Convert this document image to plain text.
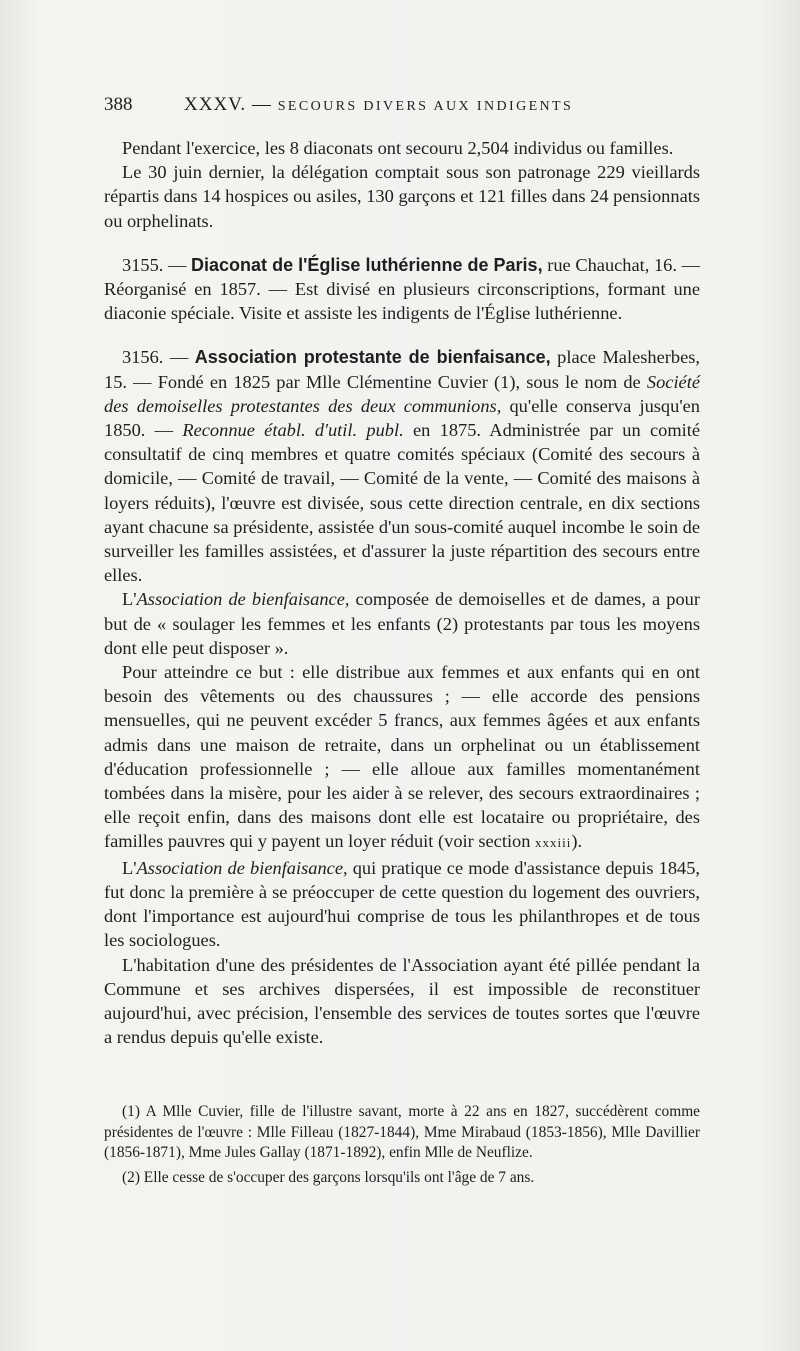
388	XXXV. — SECOURS DIVERS AUX INDIGENTS

Pendant l'exercice, les 8 diaconats ont secouru 2,504 individus ou familles.

Le 30 juin dernier, la délégation comptait sous son patronage 229 vieillards répartis dans 14 hospices ou asiles, 130 garçons et 121 filles dans 24 pensionnats ou orphelinats.

3155. — Diaconat de l'Église luthérienne de Paris, rue Chauchat, 16. — Réorganisé en 1857. — Est divisé en plusieurs circonscriptions, formant une diaconie spéciale. Visite et assiste les indigents de l'Église luthérienne.

3156. — Association protestante de bienfaisance, place Malesherbes, 15. — Fondé en 1825 par Mlle Clémentine Cuvier (1), sous le nom de Société des demoiselles protestantes des deux communions, qu'elle conserva jusqu'en 1850. — Reconnue établ. d'util. publ. en 1875. Administrée par un comité consultatif de cinq membres et quatre comités spéciaux (Comité des secours à domicile, — Comité de travail, — Comité de la vente, — Comité des maisons à loyers réduits), l'œuvre est divisée, sous cette direction centrale, en dix sections ayant chacune sa présidente, assistée d'un sous-comité auquel incombe le soin de surveiller les familles assistées, et d'assurer la juste répartition des secours entre elles.

L'Association de bienfaisance, composée de demoiselles et de dames, a pour but de « soulager les femmes et les enfants (2) protestants par tous les moyens dont elle peut disposer ».

Pour atteindre ce but : elle distribue aux femmes et aux enfants qui en ont besoin des vêtements ou des chaussures ; — elle accorde des pensions mensuelles, qui ne peuvent excéder 5 francs, aux femmes âgées et aux enfants admis dans une maison de retraite, dans un orphelinat ou un établissement d'éducation professionnelle ; — elle alloue aux familles momentanément tombées dans la misère, pour les aider à se relever, des secours extraordinaires ; elle reçoit enfin, dans des maisons dont elle est locataire ou propriétaire, des familles pauvres qui y payent un loyer réduit (voir section xxxiii).

L'Association de bienfaisance, qui pratique ce mode d'assistance depuis 1845, fut donc la première à se préoccuper de cette question du logement des ouvriers, dont l'importance est aujourd'hui comprise de tous les philanthropes et de tous les sociologues.

L'habitation d'une des présidentes de l'Association ayant été pillée pendant la Commune et ses archives dispersées, il est impossible de reconstituer aujourd'hui, avec précision, l'ensemble des services de toutes sortes que l'œuvre a rendus depuis qu'elle existe.

(1) A Mlle Cuvier, fille de l'illustre savant, morte à 22 ans en 1827, succédèrent comme présidentes de l'œuvre : Mlle Filleau (1827-1844), Mme Mirabaud (1853-1856), Mlle Davillier (1856-1871), Mme Jules Gallay (1871-1892), enfin Mlle de Neuflize.

(2) Elle cesse de s'occuper des garçons lorsqu'ils ont l'âge de 7 ans.
